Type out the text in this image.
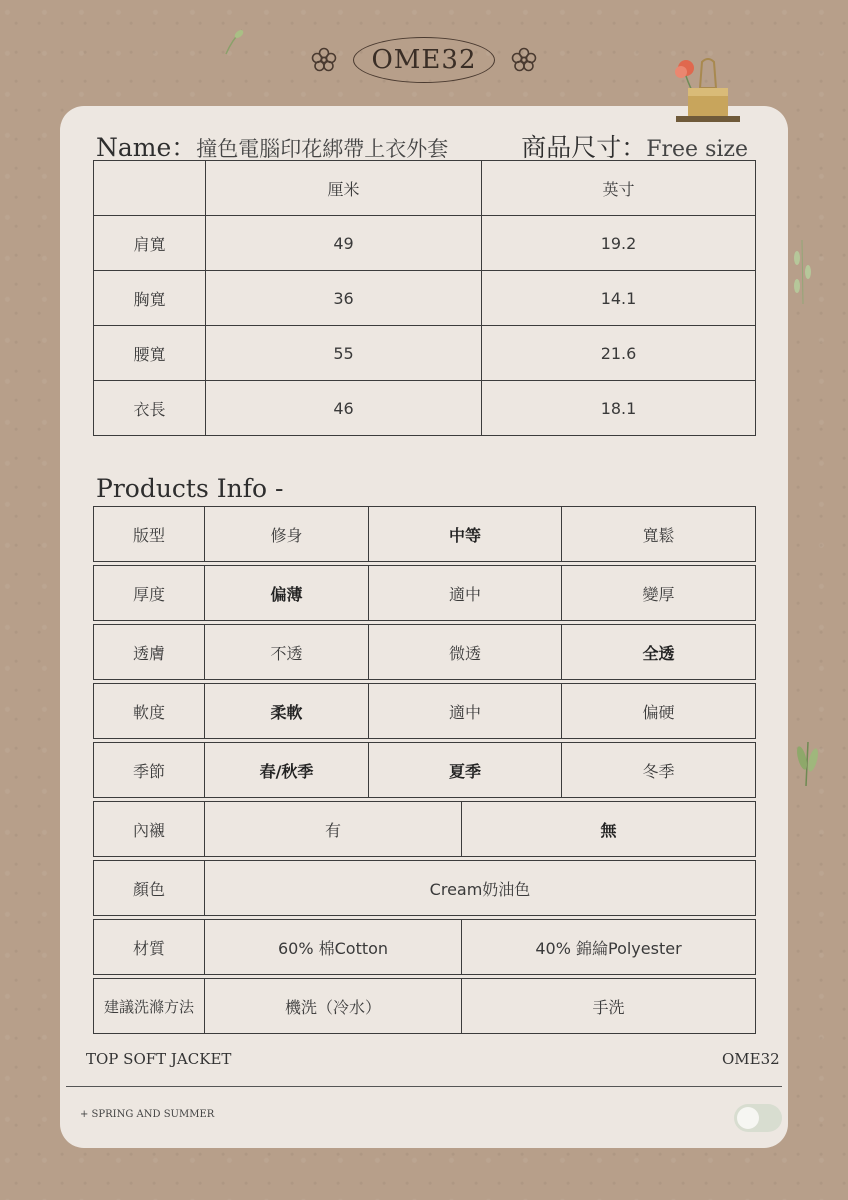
OME32
Name：撞色電腦印花綁帶上衣外套	商品尺寸：Free size
	厘米	英寸
肩寬	49	19.2
胸寬	36	14.1
腰寬	55	21.6
衣長	46	18.1
Products Info -
版型	修身	中等	寬鬆
厚度	偏薄	適中	變厚
透膚	不透	微透	全透
軟度	柔軟	適中	偏硬
季節	春/秋季	夏季	冬季
內襯	有	無
顏色	Cream奶油色
材質	60% 棉Cotton	40% 錦綸Polyester
建議洗滌方法	機洗（冷水）	手洗
TOP SOFT JACKET	OME32
+ SPRING AND SUMMER
